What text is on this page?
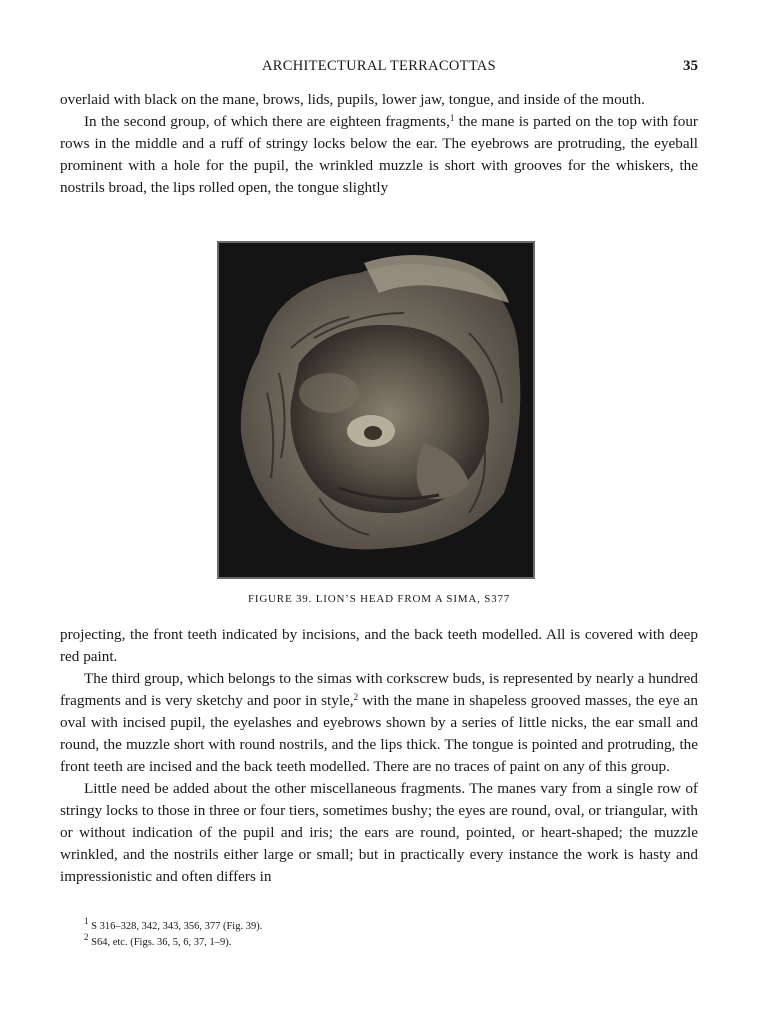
ARCHITECTURAL TERRACOTTAS	35

overlaid with black on the mane, brows, lids, pupils, lower jaw, tongue, and inside of the mouth.

In the second group, of which there are eighteen fragments,$^1$ the mane is parted on the top with four rows in the middle and a ruff of stringy locks below the ear. The eyebrows are protruding, the eyeball prominent with a hole for the pupil, the wrinkled muzzle is short with grooves for the whiskers, the nostrils broad, the lips rolled open, the tongue slightly

FIGURE 39. LION’S HEAD FROM A SIMA, S377

projecting, the front teeth indicated by incisions, and the back teeth modelled. All is covered with deep red paint.

The third group, which belongs to the simas with corkscrew buds, is represented by nearly a hundred fragments and is very sketchy and poor in style,$^2$ with the mane in shapeless grooved masses, the eye an oval with incised pupil, the eyelashes and eyebrows shown by a series of little nicks, the ear small and round, the muzzle short with round nostrils, and the lips thick. The tongue is pointed and protruding, the front teeth are incised and the back teeth modelled. There are no traces of paint on any of this group.

Little need be added about the other miscellaneous fragments. The manes vary from a single row of stringy locks to those in three or four tiers, sometimes bushy; the eyes are round, oval, or triangular, with or without indication of the pupil and iris; the ears are round, pointed, or heart-shaped; the muzzle wrinkled, and the nostrils either large or small; but in practically every instance the work is hasty and impressionistic and often differs in

$^1$ S 316–328, 342, 343, 356, 377 (Fig. 39).
$^2$ S64, etc. (Figs. 36, 5, 6, 37, 1–9).
